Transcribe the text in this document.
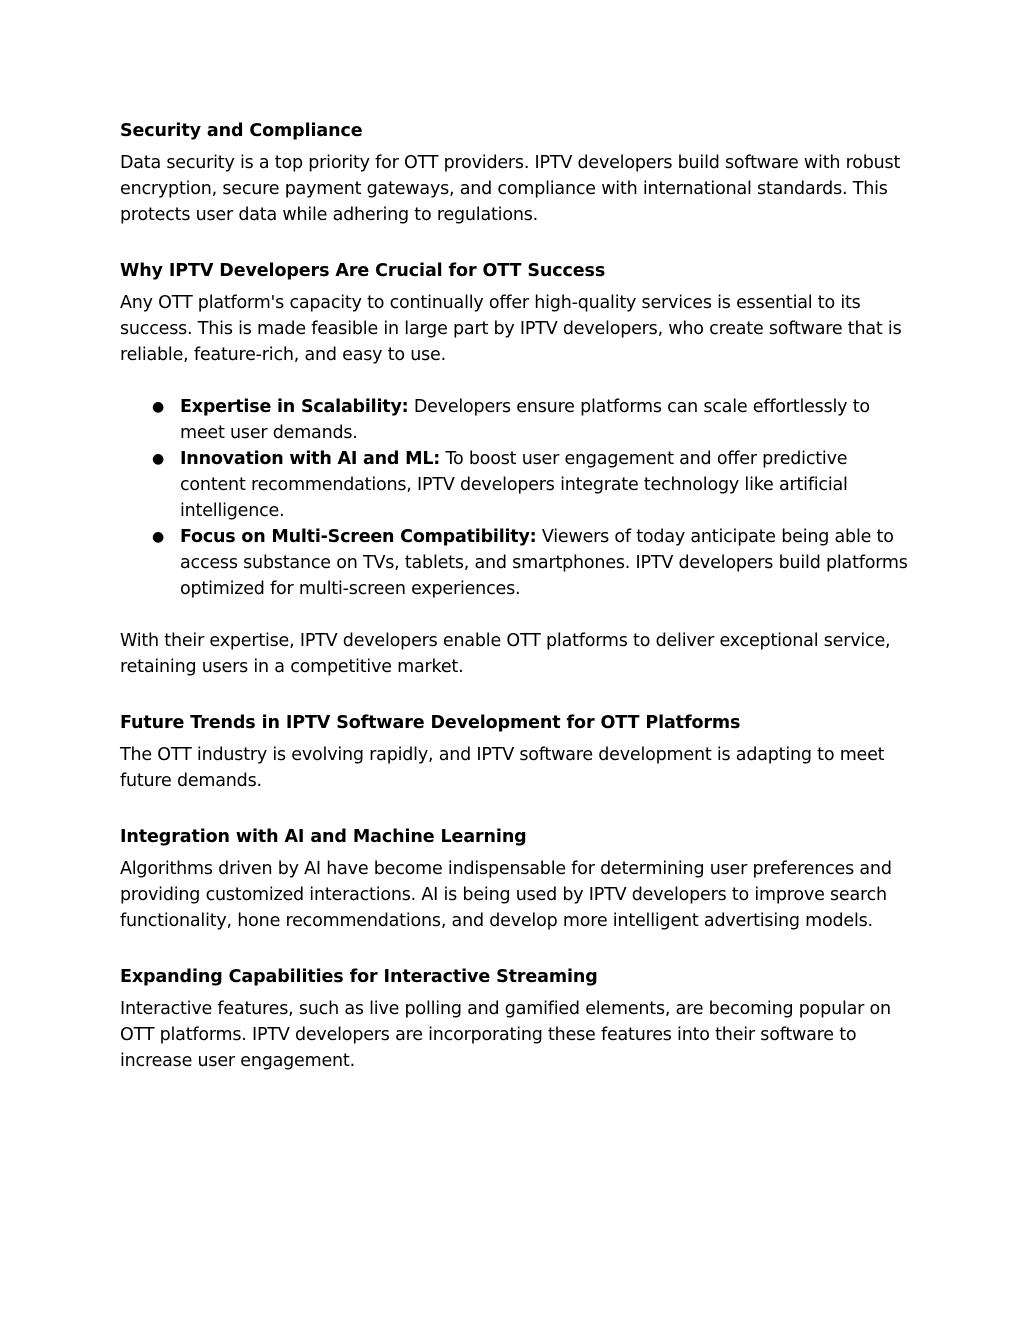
Security and Compliance

Data security is a top priority for OTT providers. IPTV developers build software with robust encryption, secure payment gateways, and compliance with international standards. This protects user data while adhering to regulations.

Why IPTV Developers Are Crucial for OTT Success

Any OTT platform's capacity to continually offer high-quality services is essential to its success. This is made feasible in large part by IPTV developers, who create software that is reliable, feature-rich, and easy to use.

● Expertise in Scalability: Developers ensure platforms can scale effortlessly to meet user demands.
● Innovation with AI and ML: To boost user engagement and offer predictive content recommendations, IPTV developers integrate technology like artificial intelligence.
● Focus on Multi-Screen Compatibility: Viewers of today anticipate being able to access substance on TVs, tablets, and smartphones. IPTV developers build platforms optimized for multi-screen experiences.

With their expertise, IPTV developers enable OTT platforms to deliver exceptional service, retaining users in a competitive market.

Future Trends in IPTV Software Development for OTT Platforms

The OTT industry is evolving rapidly, and IPTV software development is adapting to meet future demands.

Integration with AI and Machine Learning

Algorithms driven by AI have become indispensable for determining user preferences and providing customized interactions. AI is being used by IPTV developers to improve search functionality, hone recommendations, and develop more intelligent advertising models.

Expanding Capabilities for Interactive Streaming

Interactive features, such as live polling and gamified elements, are becoming popular on OTT platforms. IPTV developers are incorporating these features into their software to increase user engagement.
